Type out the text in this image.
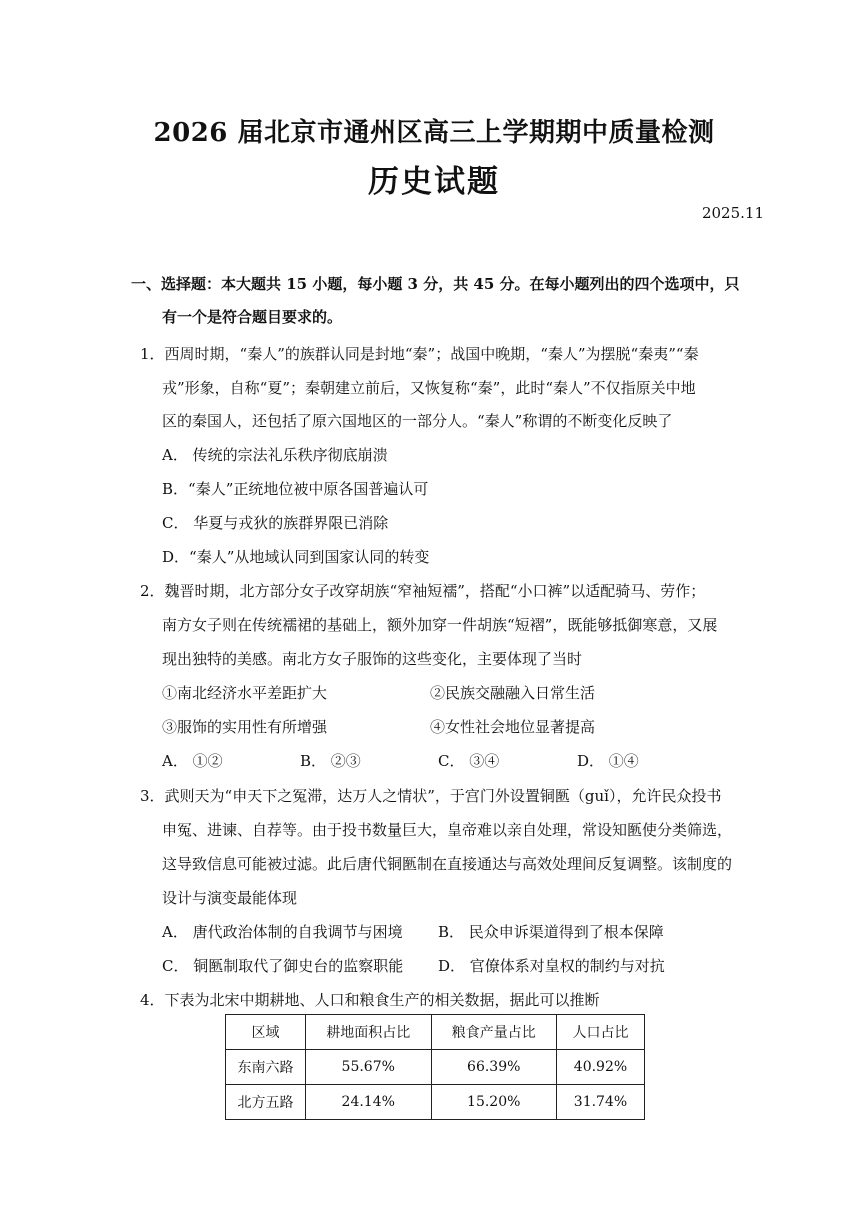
2026 届北京市通州区高三上学期期中质量检测
历史试题
2025.11
一、选择题：本大题共 15 小题，每小题 3 分，共 45 分。在每小题列出的四个选项中，只
有一个是符合题目要求的。
1．西周时期，“秦人”的族群认同是封地“秦”；战国中晚期，“秦人”为摆脱“秦夷”“秦
戎”形象，自称“夏”；秦朝建立前后，又恢复称“秦”，此时“秦人”不仅指原关中地
区的秦国人，还包括了原六国地区的一部分人。“秦人”称谓的不断变化反映了
A． 传统的宗法礼乐秩序彻底崩溃
B．“秦人”正统地位被中原各国普遍认可
C． 华夏与戎狄的族群界限已消除
D．“秦人”从地域认同到国家认同的转变
2．魏晋时期，北方部分女子改穿胡族“窄袖短襦”，搭配“小口裤”以适配骑马、劳作；
南方女子则在传统襦裙的基础上，额外加穿一件胡族“短褶”，既能够抵御寒意，又展
现出独特的美感。南北方女子服饰的这些变化，主要体现了当时
①南北经济水平差距扩大	②民族交融融入日常生活
③服饰的实用性有所增强	④女性社会地位显著提高
A． ①②	B． ②③	C． ③④	D． ①④
3．武则天为“申天下之冤滞，达万人之情状”，于宫门外设置铜匦（guǐ），允许民众投书
申冤、进谏、自荐等。由于投书数量巨大，皇帝难以亲自处理，常设知匦使分类筛选，
这导致信息可能被过滤。此后唐代铜匦制在直接通达与高效处理间反复调整。该制度的
设计与演变最能体现
A． 唐代政治体制的自我调节与困境 B． 民众申诉渠道得到了根本保障
C． 铜匦制取代了御史台的监察职能 D． 官僚体系对皇权的制约与对抗
4．下表为北宋中期耕地、人口和粮食生产的相关数据，据此可以推断
区域	耕地面积占比	粮食产量占比	人口占比
东南六路	55.67%	66.39%	40.92%
北方五路	24.14%	15.20%	31.74%
